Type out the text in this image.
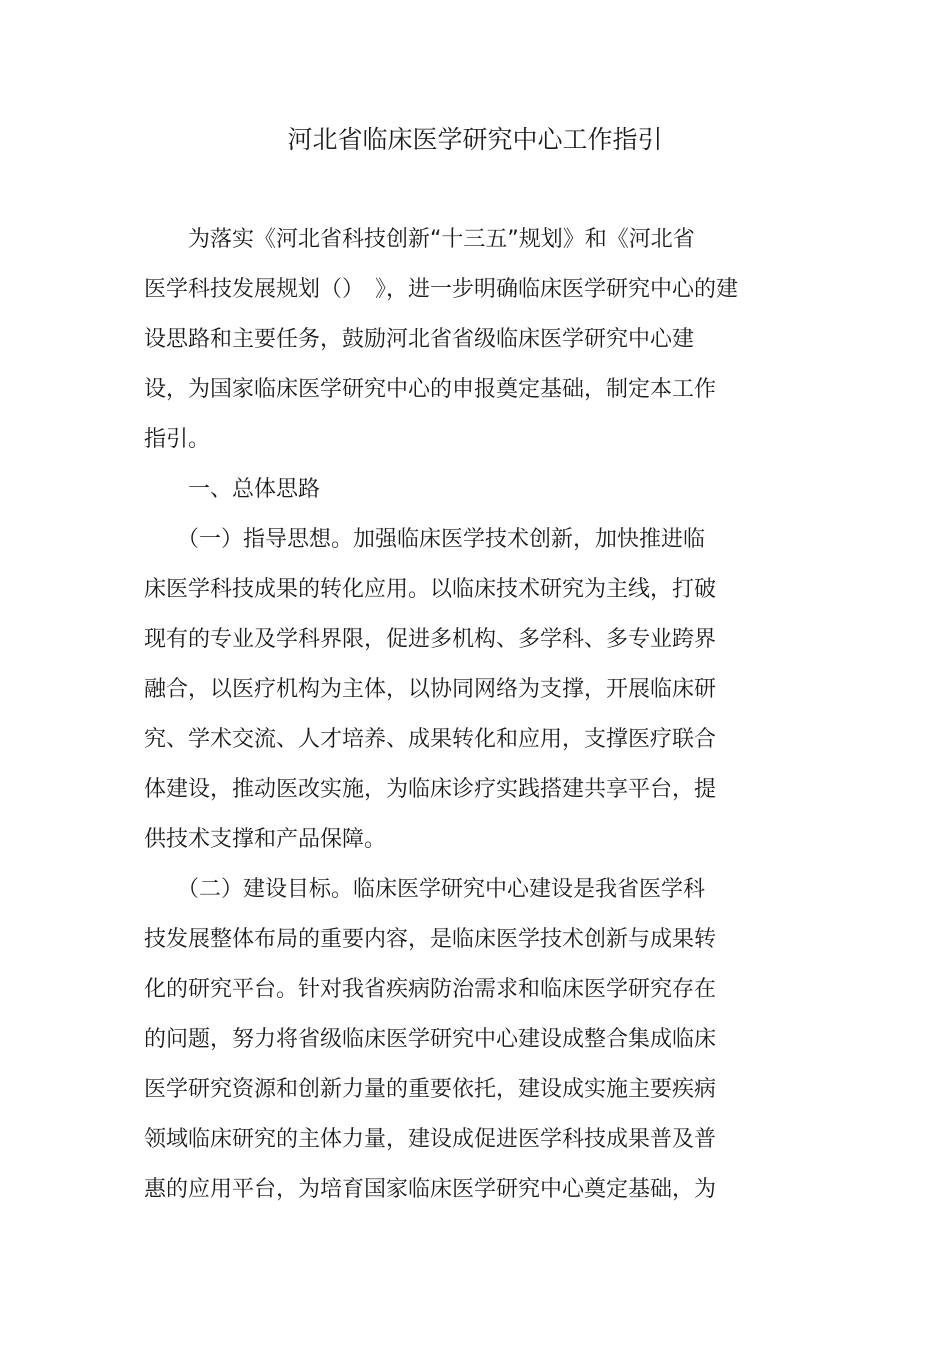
河北省临床医学研究中心工作指引
　　为落实《河北省科技创新“十三五”规划》和《河北省
医学科技发展规划（）　》，进一步明确临床医学研究中心的建
设思路和主要任务，鼓励河北省省级临床医学研究中心建
设，为国家临床医学研究中心的申报奠定基础，制定本工作
指引。
　　一、总体思路
　　（一）指导思想。加强临床医学技术创新，加快推进临
床医学科技成果的转化应用。以临床技术研究为主线，打破
现有的专业及学科界限，促进多机构、多学科、多专业跨界
融合，以医疗机构为主体，以协同网络为支撑，开展临床研
究、学术交流、人才培养、成果转化和应用，支撑医疗联合
体建设，推动医改实施，为临床诊疗实践搭建共享平台，提
供技术支撑和产品保障。
　　（二）建设目标。临床医学研究中心建设是我省医学科
技发展整体布局的重要内容，是临床医学技术创新与成果转
化的研究平台。针对我省疾病防治需求和临床医学研究存在
的问题，努力将省级临床医学研究中心建设成整合集成临床
医学研究资源和创新力量的重要依托，建设成实施主要疾病
领域临床研究的主体力量，建设成促进医学科技成果普及普
惠的应用平台，为培育国家临床医学研究中心奠定基础，为
